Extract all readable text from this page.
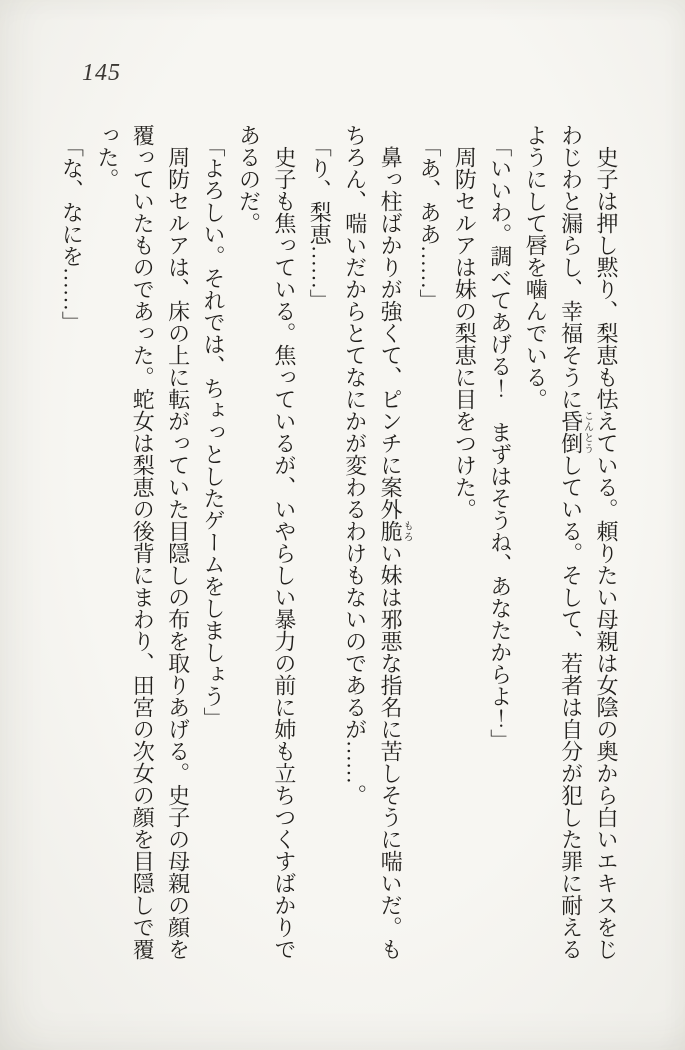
145

史子は押し黙り、梨恵も怯えている。頼りたい母親は女陰の奥から白いエキスをじわじわと漏らし、幸福そうに昏倒こんとうしている。そして、若者は自分が犯した罪に耐えるようにして唇を噛んでいる。

「いいわ。調べてあげる！　まずはそうね、あなたからよ！」

周防セルアは妹の梨恵に目をつけた。

「あ、ああ……」

鼻っ柱ばかりが強くて、ピンチに案外脆もろい妹は邪悪な指名に苦しそうに喘いだ。もちろん、喘いだからとてなにかが変わるわけもないのであるが……。

「り、梨恵……」

史子も焦っている。焦っているが、いやらしい暴力の前に姉も立ちつくすばかりであるのだ。

「よろしい。それでは、ちょっとしたゲームをしましょう」

周防セルアは、床の上に転がっていた目隠しの布を取りあげる。史子の母親の顔を覆っていたものであった。蛇女は梨恵の後背にまわり、田宮の次女の顔を目隠しで覆った。

「な、なにを……」
